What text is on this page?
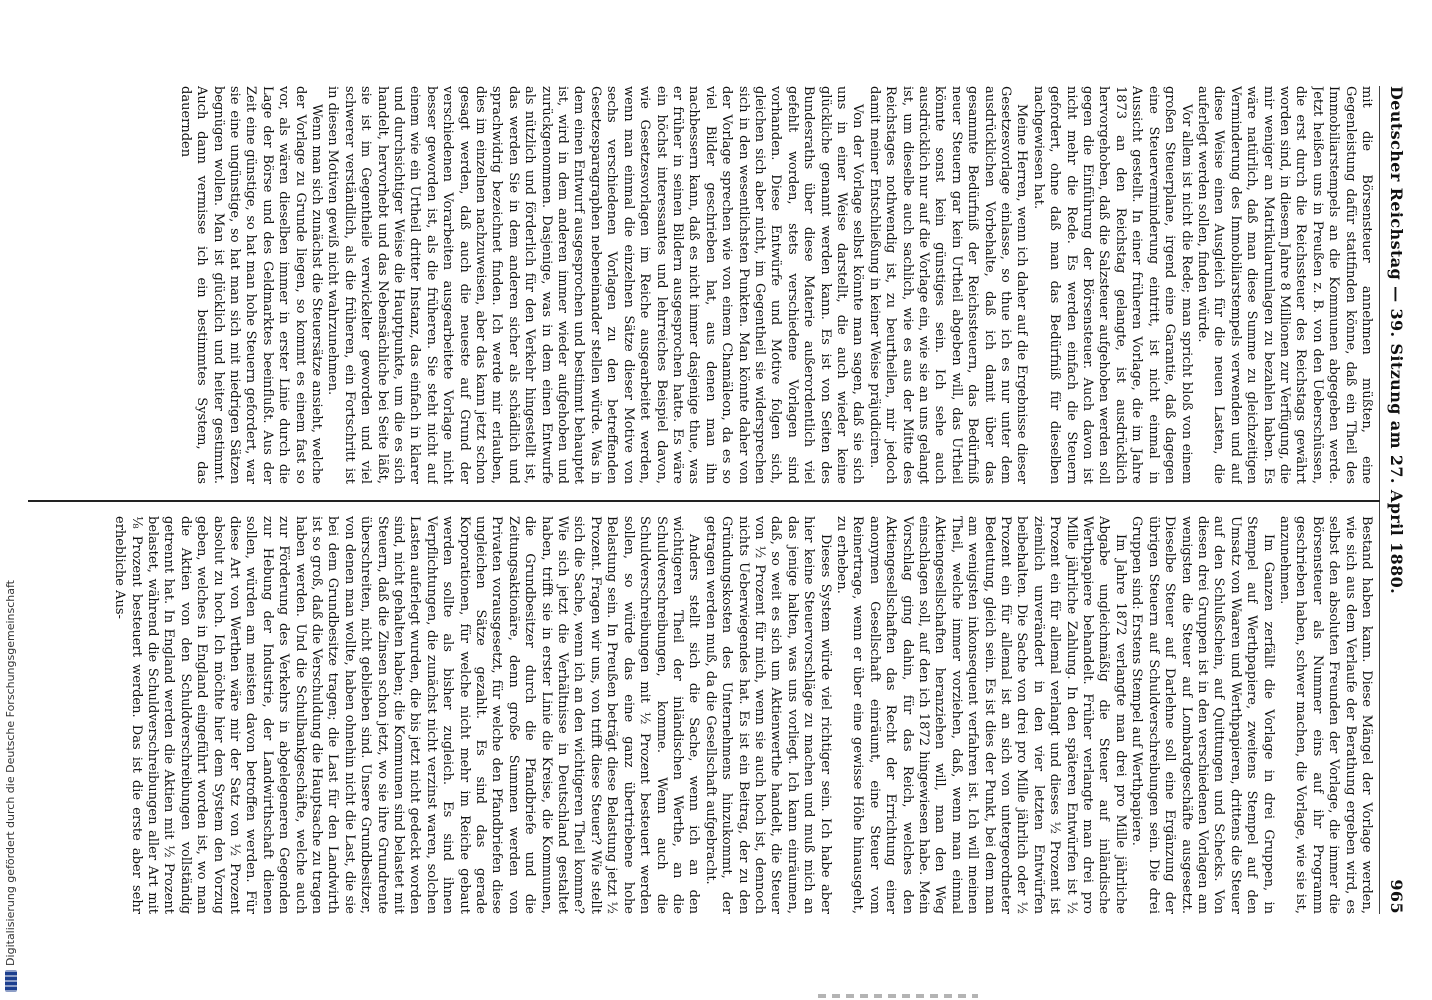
Deutscher Reichstag — 39. Sitzung am 27. April 1880.
965

mit die Börsensteuer annehmen müßten, eine Gegenleistung dafür stattfinden könne, daß ein Theil des Immobiliarstempels an die Kommunen abgegeben werde. Jetzt heißen uns in Preußen z. B. von den Ueberschüssen, die erst durch die Reichssteuer des Reichstags gewährt worden sind, in diesem Jahre 8 Millionen zur Verfügung, die mir weniger an Matrikularumlagen zu bezahlen haben. Es wäre natürlich, daß man diese Summe zu gleichzeitigen Verminderung des Immobiliarstempels verwenden und auf diese Weise einen Ausgleich für die neuen Lasten, die auferlegt werden sollen, finden würde.

Vor allem ist nicht die Rede; man spricht bloß von einem großen Steuerplane, irgend eine Garantie, daß dagegen eine Steuerverminderung eintritt, ist nicht einmal in Aussicht gestellt. In einer früheren Vorlage, die im Jahre 1873 an den Reichstag gelangte, ist ausdrücklich hervorgehoben, daß die Salzsteuer aufgehoben werden soll gegen die Einführung der Börsensteuer. Auch davon ist nicht mehr die Rede. Es werden einfach die Steuern gefordert, ohne daß man das Bedürfniß für dieselben nachgewiesen hat.

Meine Herren, wenn ich daher auf die Ergebnisse dieser Gesetzesvorlage einlasse, so thue ich es nur unter dem ausdrücklichen Vorbehalte, daß ich damit über das gesammte Bedürfniß der Reichssteuern, das Bedürfniß neuer Steuern gar kein Urtheil abgeben will, das Urtheil könnte sonst kein günstiges sein. Ich sehe auch ausdrücklich nur auf die Vorlage ein, wie sie an uns gelangt ist, um dieselbe auch sachlich, wie es aus der Mitte des Reichstages nothwendig ist, zu beurtheilen, mir jedoch damit meiner Entschließung in keiner Weise präjudiciren.

Von der Vorlage selbst könnte man sagen, daß sie sich uns in einer Weise darstellt, die auch wieder keine glückliche genannt werden kann. Es ist von Seiten des Bundesraths über diese Materie außerordentlich viel gefehlt worden, stets verschiedene Vorlagen sind vorhanden. Diese Entwürfe und Motive folgen sich, gleichen sich aber nicht, im Gegentheil sie widersprechen sich in den wesentlichsten Punkten. Man könnte daher von der Vorlage sprechen wie von einem Chamäleon, da es so viel Bilder geschrieben hat, aus denen man ihn nachbessern kann, daß es nicht immer dasjenige thue, was er früher in seinen Bildern ausgesprochen hatte. Es wäre ein höchst interessantes und lehrreiches Beispiel davon, wie Gesetzesvorlagen im Reiche ausgearbeitet werden, wenn man einmal die einzelnen Sätze dieser Motive von sechs verschiedenen Vorlagen zu den betreffenden Gesetzesparagraphen nebeneinander stellen würde. Was in dem einen Entwurf ausgesprochen und bestimmt behauptet ist, wird in dem anderen immer wieder aufgehoben und zurückgenommen. Dasjenige, was in dem einen Entwurfe als nützlich und förderlich für den Verkehr hingestellt ist, das werden Sie in dem anderen sicher als schädlich und sprachwidrig bezeichnet finden. Ich werde mir erlauben, dies im einzelnen nachzuweisen, aber das kann jetzt schon gesagt werden, daß auch die neueste auf Grund der verschiedenen Vorarbeiten ausgearbeitete Vorlage nicht besser geworden ist, als die früheren. Sie steht nicht auf einem wie ein Urtheil dritter Instanz, das einfach in klarer und durchsichtiger Weise die Hauptpunkte, um die es sich handelt, hervorhebt und das Nebensächliche bei Seite läßt, sie ist im Gegentheile verwickelter geworden und viel schwerer verständlich, als die früheren, ein Fortschritt ist in diesen Motiven gewiß nicht wahrzunehmen.

Wenn man sich zunächst die Steuersätze ansieht, welche der Vorlage zu Grunde liegen, so kommt es einem fast so vor, als wären dieselben immer in erster Linie durch die Lage der Börse und des Geldmarktes beeinflußt. Aus der Zeit eine günstige, so hat man hohe Steuern gefordert, war sie eine ungünstige, so hat man sich mit niedrigen Sätzen begnügen wollen. Man ist glücklich und heiter gestimmt. Auch dann vermisse ich ein bestimmtes System, das dauernden

Bestand haben kann. Diese Mängel der Vorlage werden, wie sich aus dem Verlaufe der Berathung ergeben wird, es selbst den absoluten Freunden der Vorlage, die immer die Börsensteuer als Nummer eins auf ihr Programm geschrieben haben, schwer machen, die Vorlage, wie sie ist, anzunehmen.

Im Ganzen zerfällt die Vorlage in drei Gruppen, in Stempel auf Werthpapiere, zweitens Stempel auf den Umsatz von Waaren und Werthpapieren, drittens die Steuer auf den Schlußschein, auf Quittungen und Schecks. Von diesen drei Gruppen ist in den verschiedenen Vorlagen am wenigsten die Steuer auf Lombardgeschäfte ausgesetzt. Dieselbe Steuer auf Darlehne soll eine Ergänzung der übrigen Steuern auf Schuldverschreibungen sein. Die drei Gruppen sind: Erstens Stempel auf Werthpapiere.

Im Jahre 1872 verlangte man drei pro Mille jährliche Abgabe ungleichmäßig die Steuer auf inländische Werthpapiere behandelt. Früher verlangte man drei pro Mille jährliche Zahlung. In den späteren Entwürfen ist ½ Prozent ein für allemal verlangt und dieses ½ Prozent ist ziemlich unverändert in den vier letzten Entwürfen beibehalten. Die Sache von drei pro Mille jährlich oder ½ Prozent ein für allemal ist an sich von untergeordneter Bedeutung, gleich sein. Es ist dies der Punkt, bei dem man am wenigsten inkonsequent verfahren ist. Ich will meinen Theil, welche immer vorziehen, daß, wenn man einmal Aktiengesellschaften heranziehen will, man den Weg einschlagen soll, auf den ich 1872 hingewiesen habe. Mein Vorschlag ging dahin, für das Reich, welches den Aktiengesellschaften das Recht der Errichtung einer anonymen Gesellschaft einräumt, eine Steuer vom Reinertrage, wenn er über eine gewisse Höhe hinausgeht, zu erheben.

Dieses System würde viel richtiger sein. Ich habe aber hier keine Steuervorschläge zu machen und muß mich an das jenige halten, was uns vorliegt. Ich kann einräumen, daß, so weit es sich um Aktienwerthe handelt, die Steuer von ½ Prozent für mich, wenn sie auch hoch ist, dennoch nichts Ueberwiegendes hat. Es ist ein Beitrag, der zu den Gründungskosten des Unternehmens hinzukommt, der getragen werden muß, da die Gesellschaft aufgebracht.

Anders stellt sich die Sache, wenn ich an den wichtigeren Theil der inländischen Werthe, an die Schuldverschreibungen, komme. Wenn auch die Schuldverschreibungen mit ½ Prozent besteuert werden sollen, so würde das eine ganz übertriebene hohe Belastung sein. In Preußen beträgt diese Belastung jetzt ½ Prozent. Fragen wir uns, von trifft diese Steuer? Wie stellt sich die Sache, wenn ich an den wichtigeren Theil komme? Wie sich jetzt die Verhältnisse in Deutschland gestaltet haben, trifft sie in erster Linie die Kreise, die Kommunen, die Grundbesitzer durch die Pfandbriefe und die Zeitungsaktionäre, denn große Summen werden von Privaten vorausgesetzt, für welche den Pfandbriefen diese ungleichen Sätze gezahlt. Es sind das gerade Korporationen, für welche nicht mehr im Reiche gebaut werden sollte als bisher zugleich. Es sind ihnen Verpflichtungen, die zunächst nicht verzinst waren, solchen Lasten auferlegt wurden, die bis jetzt nicht gedeckt worden sind, nicht gehalten haben; die Kommunen sind belastet mit Steuern, daß die Zinsen schon jetzt, wo sie ihre Grundrente überschreiten, nicht geblieben sind. Unsere Grundbesitzer, von denen man wollte, haben ohnehin nicht die Last, die sie bei dem Grundbesitze tragen; die Last für den Landwirth ist so groß, daß die Verschuldung die Hauptsache zu tragen haben werden. Und die Schulbankgeschäfte, welche auch zur Förderung des Verkehrs in abgelegeneren Gegenden zur Hebung der Industrie, der Landwirthschaft dienen sollen, würden am meisten davon betroffen werden. Für diese Art von Werthen wäre mir der Satz von ½ Prozent absolut zu hoch. Ich möchte hier dem System den Vorzug geben, welches in England eingeführt worden ist, wo man die Aktien von den Schuldverschreibungen vollständig getrennt hat. In England werden die Aktien mit ½ Prozent belastet, während die Schuldverschreibungen aller Art mit ⅛ Prozent besteuert werden. Das ist die erste aber sehr erhebliche Aus-

Digitalisierung gefördert durch die Deutsche Forschungsgemeinschaft
